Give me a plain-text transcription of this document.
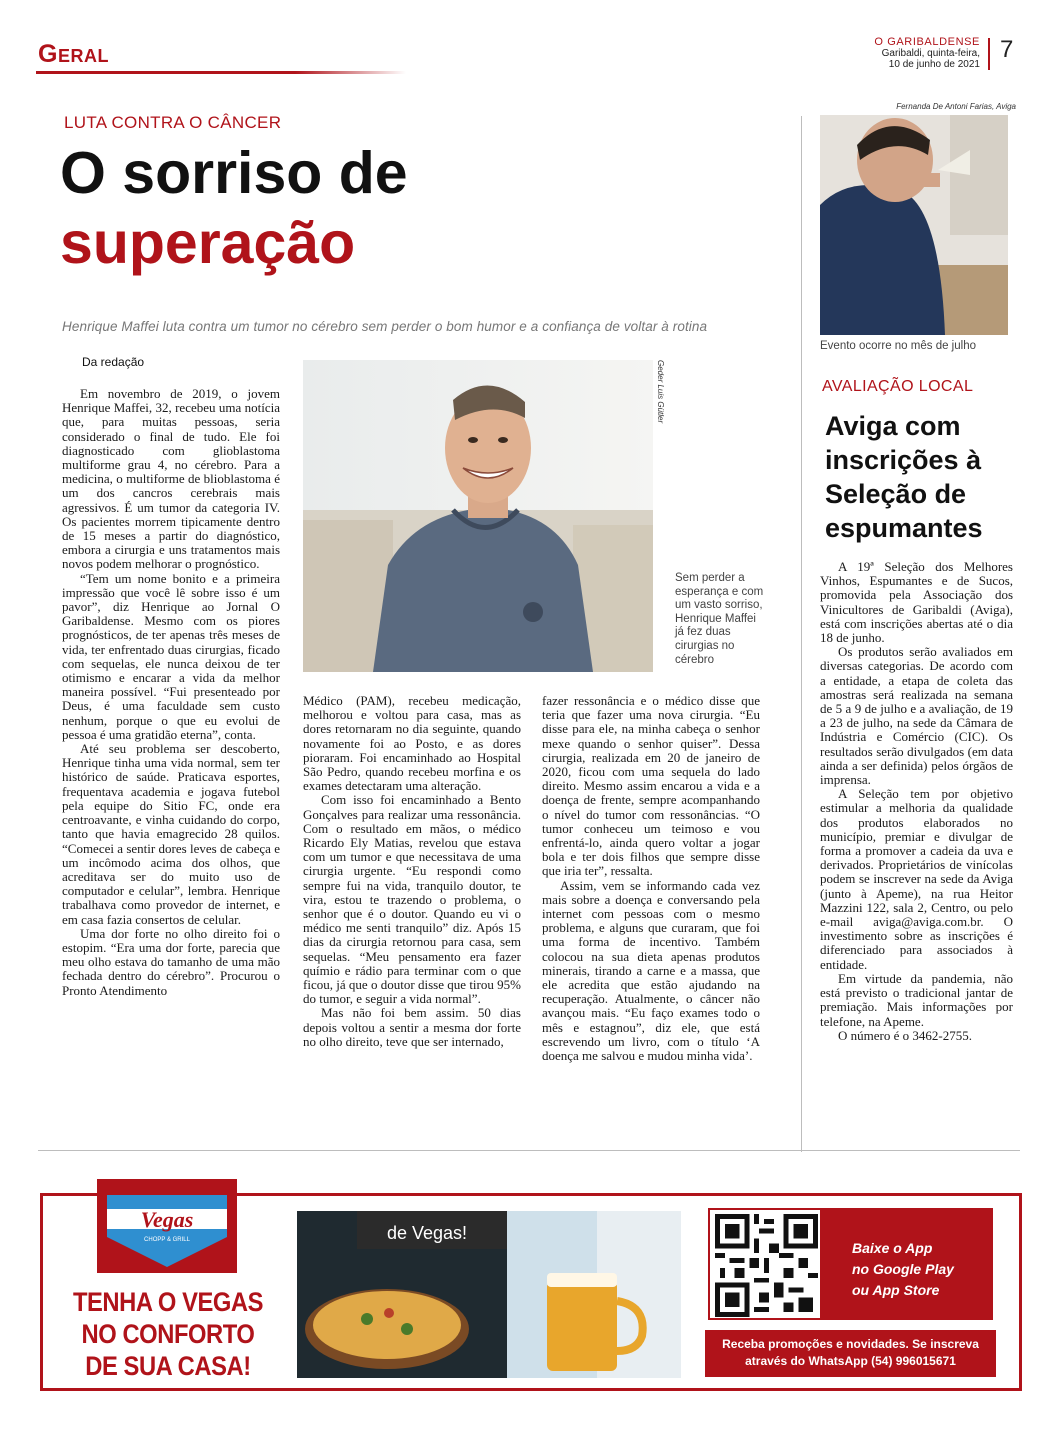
Geral	O GARIBALDENSE
Garibaldi, quinta-feira,
10 de junho de 2021
7
LUTA CONTRA O CÂNCER
O sorriso de
superação
Henrique Maffei luta contra um tumor no cérebro sem perder o bom humor e a confiança de voltar à rotina
Da redação

Em novembro de 2019, o jovem Henrique Maffei, 32, recebeu uma notícia que, para muitas pessoas, seria considerado o final de tudo. Ele foi diagnosticado com glioblastoma multiforme grau 4, no cérebro. Para a medicina, o multiforme de blioblastoma é um dos cancros cerebrais mais agressivos. É um tumor da categoria IV. Os pacientes morrem tipicamente dentro de 15 meses a partir do diagnóstico, embora a cirurgia e uns tratamentos mais novos podem melhorar o prognóstico.

“Tem um nome bonito e a primeira impressão que você lê sobre isso é um pavor”, diz Henrique ao Jornal O Garibaldense. Mesmo com os piores prognósticos, de ter apenas três meses de vida, ter enfrentado duas cirurgias, ficado com sequelas, ele nunca deixou de ter otimismo e encarar a vida da melhor maneira possível. “Fui presenteado por Deus, é uma faculdade sem custo nenhum, porque o que eu evolui de pessoa é uma gratidão eterna”, conta.

Até seu problema ser descoberto, Henrique tinha uma vida normal, sem ter histórico de saúde. Praticava esportes, frequentava academia e jogava futebol pela equipe do Sitio FC, onde era centroavante, e vinha cuidando do corpo, tanto que havia emagrecido 28 quilos. “Comecei a sentir dores leves de cabeça e um incômodo acima dos olhos, que acreditava ser do muito uso de computador e celular”, lembra. Henrique trabalhava como provedor de internet, e em casa fazia consertos de celular.

Uma dor forte no olho direito foi o estopim. “Era uma dor forte, parecia que meu olho estava do tamanho de uma mão fechada dentro do cérebro”. Procurou o Pronto Atendimento

Geder Luis Gütler
Sem perder a esperança e com um vasto sorriso, Henrique Maffei já fez duas cirurgias no cérebro

Médico (PAM), recebeu medicação, melhorou e voltou para casa, mas as dores retornaram no dia seguinte, quando novamente foi ao Posto, e as dores pioraram. Foi encaminhado ao Hospital São Pedro, quando recebeu morfina e os exames detectaram uma alteração.

Com isso foi encaminhado a Bento Gonçalves para realizar uma ressonância. Com o resultado em mãos, o médico Ricardo Ely Matias, revelou que estava com um tumor e que necessitava de uma cirurgia urgente. “Eu respondi como sempre fui na vida, tranquilo doutor, te vira, estou te trazendo o problema, o senhor que é o doutor. Quando eu vi o médico me senti tranquilo” diz. Após 15 dias da cirurgia retornou para casa, sem sequelas. “Meu pensamento era fazer químio e rádio para terminar com o que ficou, já que o doutor disse que tirou 95% do tumor, e seguir a vida normal”.

Mas não foi bem assim. 50 dias depois voltou a sentir a mesma dor forte no olho direito, teve que ser internado,

fazer ressonância e o médico disse que teria que fazer uma nova cirurgia. “Eu disse para ele, na minha cabeça o senhor mexe quando o senhor quiser”. Dessa cirurgia, realizada em 20 de janeiro de 2020, ficou com uma sequela do lado direito. Mesmo assim encarou a vida e a doença de frente, sempre acompanhando o nível do tumor com ressonâncias. “O tumor conheceu um teimoso e vou enfrentá-lo, ainda quero voltar a jogar bola e ter dois filhos que sempre disse que iria ter”, ressalta.

Assim, vem se informando cada vez mais sobre a doença e conversando pela internet com pessoas com o mesmo problema, e alguns que curaram, que foi uma forma de incentivo. Também colocou na sua dieta apenas produtos minerais, tirando a carne e a massa, que ele acredita que estão ajudando na recuperação. Atualmente, o câncer não avançou mais. “Eu faço exames todo o mês e estagnou”, diz ele, que está escrevendo um livro, com o título ‘A doença me salvou e mudou minha vida’.

Fernanda De Antoni Farias, Aviga
Evento ocorre no mês de julho
AVALIAÇÃO LOCAL
Aviga com inscrições à Seleção de espumantes

A 19ª Seleção dos Melhores Vinhos, Espumantes e de Sucos, promovida pela Associação dos Vinicultores de Garibaldi (Aviga), está com inscrições abertas até o dia 18 de junho.

Os produtos serão avaliados em diversas categorias. De acordo com a entidade, a etapa de coleta das amostras será realizada na semana de 5 a 9 de julho e a avaliação, de 19 a 23 de julho, na sede da Câmara de Indústria e Comércio (CIC). Os resultados serão divulgados (em data ainda a ser definida) pelos órgãos de imprensa.

A Seleção tem por objetivo estimular a melhoria da qualidade dos produtos elaborados no município, premiar e divulgar de forma a promover a cadeia da uva e derivados. Proprietários de vinícolas podem se inscrever na sede da Aviga (junto à Apeme), na rua Heitor Mazzini 122, sala 2, Centro, ou pelo e-mail aviga@aviga.com.br. O investimento sobre as inscrições é diferenciado para associados à entidade.

Em virtude da pandemia, não está previsto o tradicional jantar de premiação. Mais informações por telefone, na Apeme.

O número é o 3462-2755.

Vegas
CHOPP & GRILL
TENHA O VEGAS
NO CONFORTO
DE SUA CASA!
de Vegas!
Baixe o App
no Google Play
ou App Store
Receba promoções e novidades. Se inscreva
através do WhatsApp (54) 996015671
